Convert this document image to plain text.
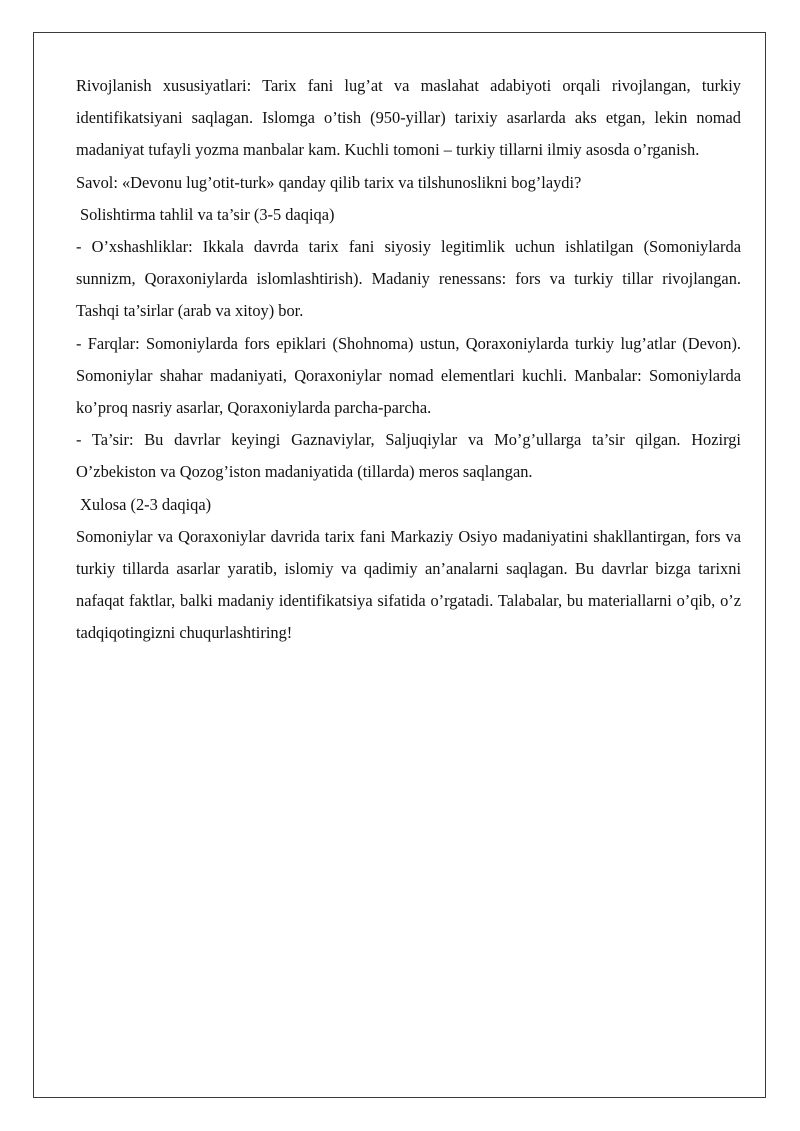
Rivojlanish xususiyatlari: Tarix fani lug’at va maslahat adabiyoti orqali rivojlangan, turkiy identifikatsiyani saqlagan. Islomga o’tish (950-yillar) tarixiy asarlarda aks etgan, lekin nomad madaniyat tufayli yozma manbalar kam. Kuchli tomoni – turkiy tillarni ilmiy asosda o’rganish.

Savol: «Devonu lug’otit-turk» qanday qilib tarix va tilshunoslikni bog’laydi?

Solishtirma tahlil va ta’sir (3-5 daqiqa)

- O’xshashliklar: Ikkala davrda tarix fani siyosiy legitimlik uchun ishlatilgan (Somoniylarda sunnizm, Qoraxoniylarda islomlashtirish). Madaniy renessans: fors va turkiy tillar rivojlangan. Tashqi ta’sirlar (arab va xitoy) bor.

- Farqlar: Somoniylarda fors epiklari (Shohnoma) ustun, Qoraxoniylarda turkiy lug’atlar (Devon). Somoniylar shahar madaniyati, Qoraxoniylar nomad elementlari kuchli. Manbalar: Somoniylarda ko’proq nasriy asarlar, Qoraxoniylarda parcha-parcha.

- Ta’sir: Bu davrlar keyingi Gaznaviylar, Saljuqiylar va Mo’g’ullarga ta’sir qilgan. Hozirgi O’zbekiston va Qozog’iston madaniyatida (tillarda) meros saqlangan.

Xulosa (2-3 daqiqa)

Somoniylar va Qoraxoniylar davrida tarix fani Markaziy Osiyo madaniyatini shakllantirgan, fors va turkiy tillarda asarlar yaratib, islomiy va qadimiy an’analarni saqlagan. Bu davrlar bizga tarixni nafaqat faktlar, balki madaniy identifikatsiya sifatida o’rgatadi. Talabalar, bu materiallarni o’qib, o’z tadqiqotingizni chuqurlashtiring!
